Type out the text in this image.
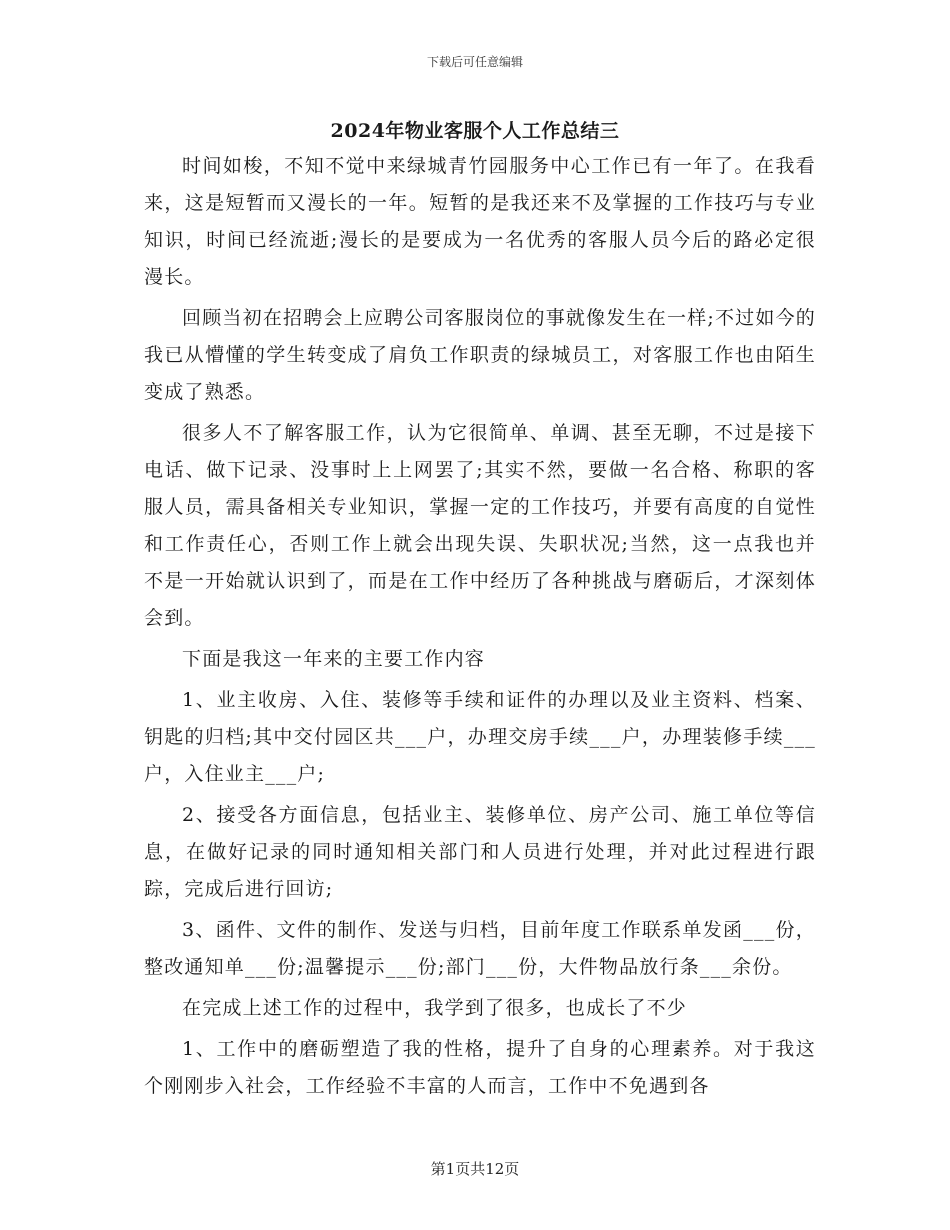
下载后可任意编辑
2024年物业客服个人工作总结三

时间如梭，不知不觉中来绿城青竹园服务中心工作已有一年了。在我看来，这是短暂而又漫长的一年。短暂的是我还来不及掌握的工作技巧与专业知识，时间已经流逝;漫长的是要成为一名优秀的客服人员今后的路必定很漫长。

回顾当初在招聘会上应聘公司客服岗位的事就像发生在一样;不过如今的我已从懵懂的学生转变成了肩负工作职责的绿城员工，对客服工作也由陌生变成了熟悉。

很多人不了解客服工作，认为它很简单、单调、甚至无聊，不过是接下电话、做下记录、没事时上上网罢了;其实不然，要做一名合格、称职的客服人员，需具备相关专业知识，掌握一定的工作技巧，并要有高度的自觉性和工作责任心，否则工作上就会出现失误、失职状况;当然，这一点我也并不是一开始就认识到了，而是在工作中经历了各种挑战与磨砺后，才深刻体会到。

下面是我这一年来的主要工作内容

1、业主收房、入住、装修等手续和证件的办理以及业主资料、档案、钥匙的归档;其中交付园区共___户，办理交房手续___户，办理装修手续___户，入住业主___户;

2、接受各方面信息，包括业主、装修单位、房产公司、施工单位等信息，在做好记录的同时通知相关部门和人员进行处理，并对此过程进行跟踪，完成后进行回访;

3、函件、文件的制作、发送与归档，目前年度工作联系单发函___份，整改通知单___份;温馨提示___份;部门___份，大件物品放行条___余份。

在完成上述工作的过程中，我学到了很多，也成长了不少

1、工作中的磨砺塑造了我的性格，提升了自身的心理素养。对于我这个刚刚步入社会，工作经验不丰富的人而言，工作中不免遇到各

第1页共12页
